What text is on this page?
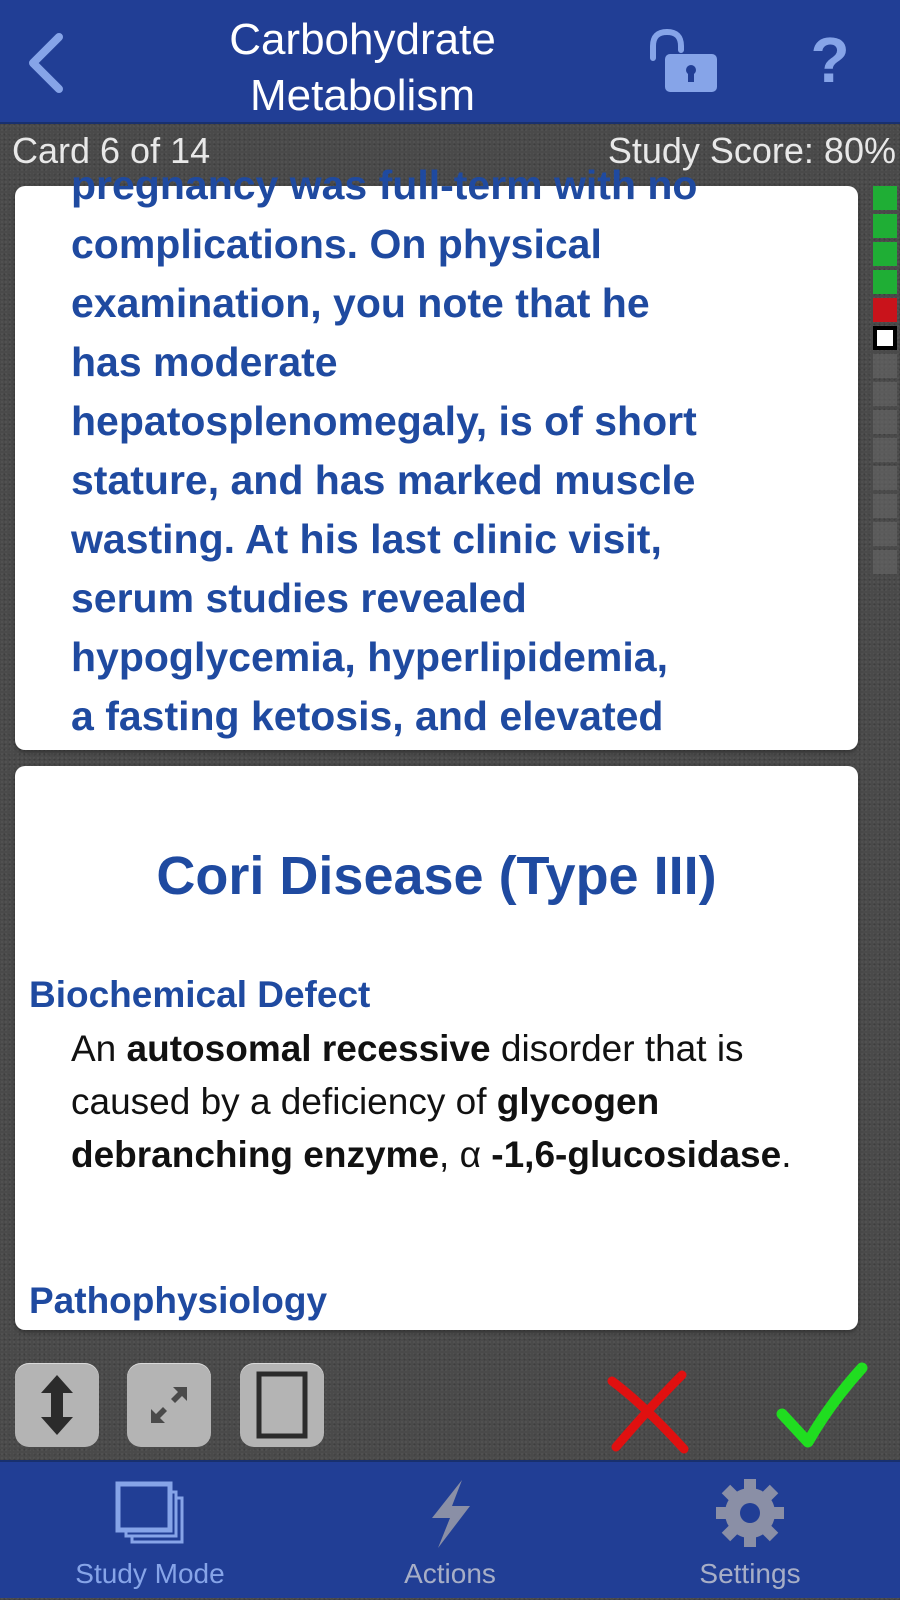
Carbohydrate
Metabolism	?
Card 6 of 14	Study Score: 80%
pregnancy was full-term with no
complications. On physical
examination, you note that he
has moderate
hepatosplenomegaly, is of short
stature, and has marked muscle
wasting. At his last clinic visit,
serum studies revealed
hypoglycemia, hyperlipidemia,
a fasting ketosis, and elevated
Cori Disease (Type III)
Biochemical Defect
An autosomal recessive disorder that is caused by a deficiency of glycogen debranching enzyme, α -1,6-glucosidase.
Pathophysiology
Study Mode	Actions	Settings
